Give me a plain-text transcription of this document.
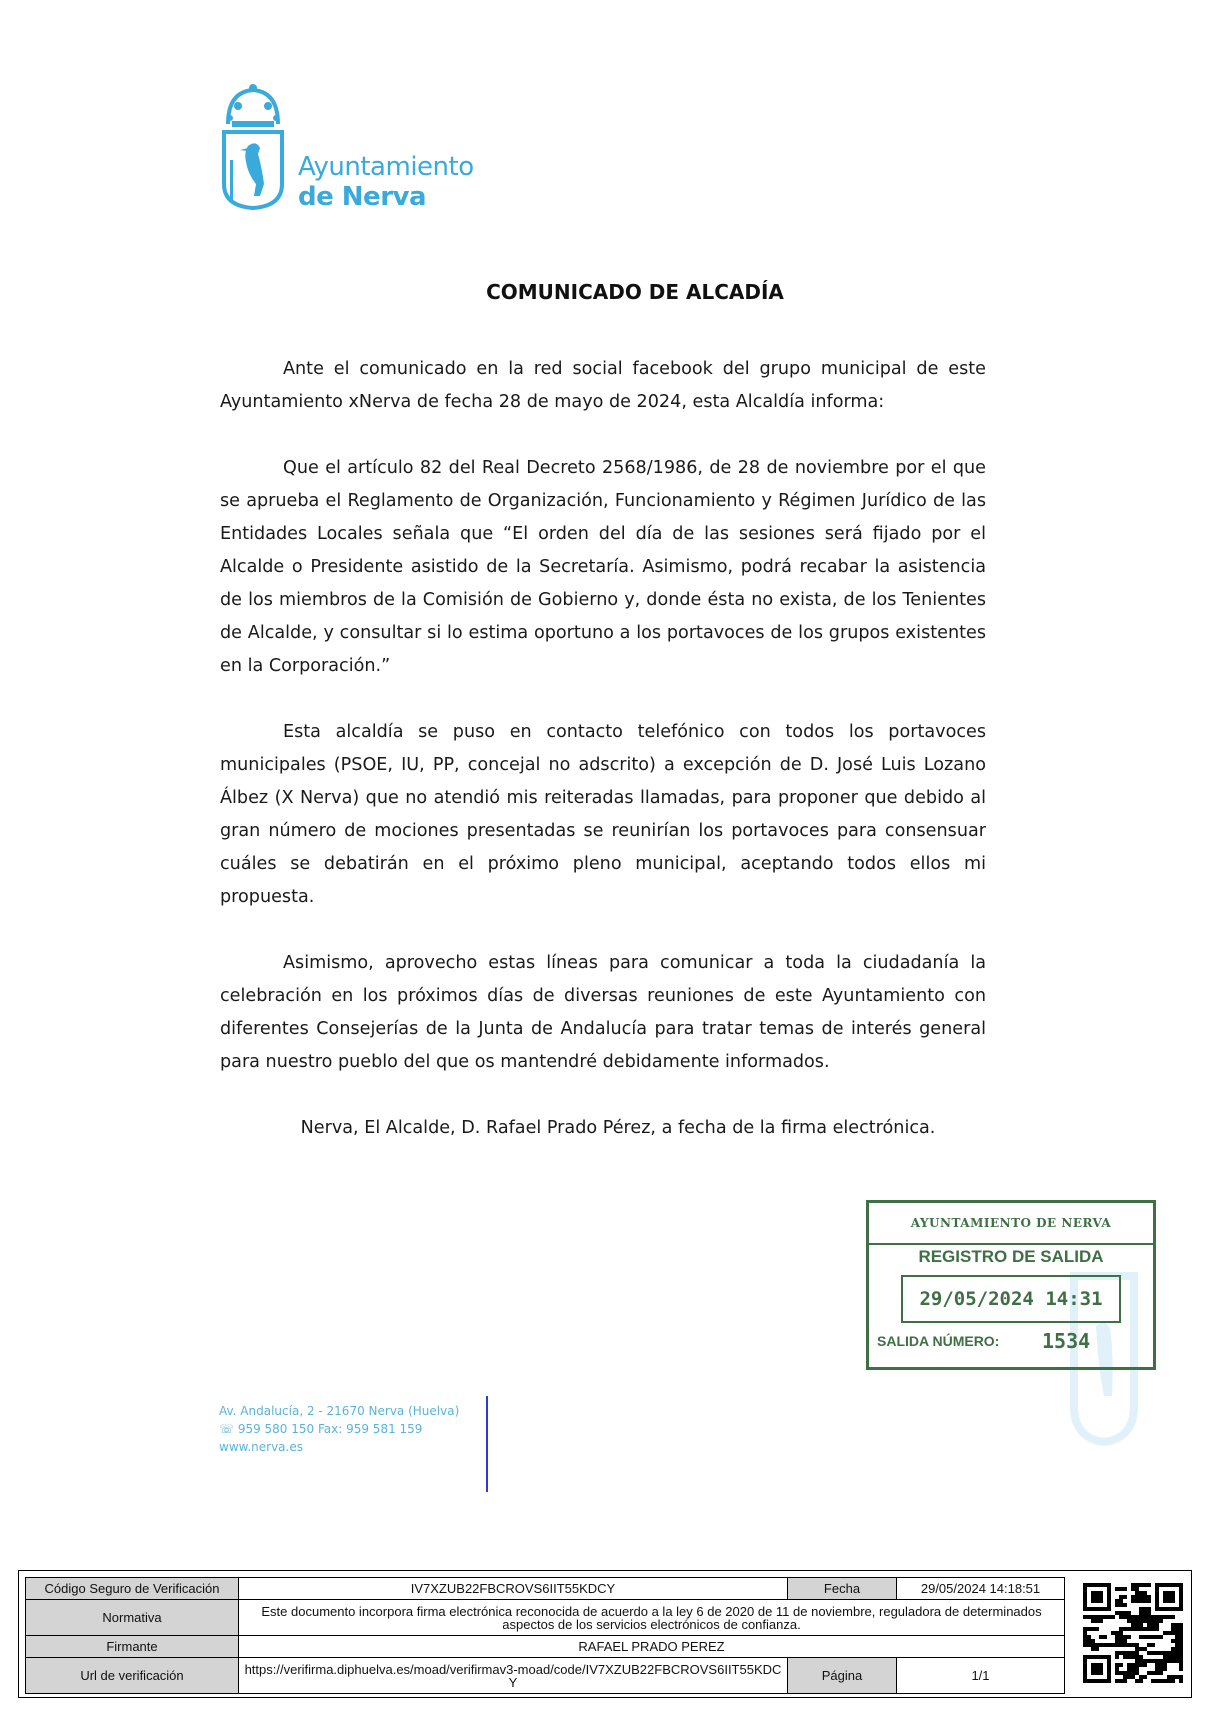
Ayuntamiento
de Nerva
COMUNICADO DE ALCADÍA

Ante el comunicado en la red social facebook del grupo municipal de este Ayuntamiento xNerva de fecha 28 de mayo de 2024, esta Alcaldía informa:

Que el artículo 82 del Real Decreto 2568/1986, de 28 de noviembre por el que se aprueba el Reglamento de Organización, Funcionamiento y Régimen Jurídico de las Entidades Locales señala que “El orden del día de las sesiones será fijado por el Alcalde o Presidente asistido de la Secretaría. Asimismo, podrá recabar la asistencia de los miembros de la Comisión de Gobierno y, donde ésta no exista, de los Tenientes de Alcalde, y consultar si lo estima oportuno a los portavoces de los grupos existentes en la Corporación.”

Esta alcaldía se puso en contacto telefónico con todos los portavoces municipales (PSOE, IU, PP, concejal no adscrito) a excepción de D. José Luis Lozano Álbez (X Nerva) que no atendió mis reiteradas llamadas, para proponer que debido al gran número de mociones presentadas se reunirían los portavoces para consensuar cuáles se debatirán en el próximo pleno municipal, aceptando todos ellos mi propuesta.

Asimismo, aprovecho estas líneas para comunicar a toda la ciudadanía la celebración en los próximos días de diversas reuniones de este Ayuntamiento con diferentes Consejerías de la Junta de Andalucía para tratar temas de interés general para nuestro pueblo del que os mantendré debidamente informados.

Nerva, El Alcalde, D. Rafael Prado Pérez, a fecha de la firma electrónica.

AYUNTAMIENTO DE NERVA
REGISTRO DE SALIDA
29/05/2024 14:31
SALIDA NÚMERO: 1534
Av. Andalucía, 2 - 21670 Nerva (Huelva)
☏ 959 580 150 Fax: 959 581 159
www.nerva.es
Código Seguro de Verificación	IV7XZUB22FBCROVS6IIT55KDCY	Fecha	29/05/2024 14:18:51
Normativa	Este documento incorpora firma electrónica reconocida de acuerdo a la ley 6 de 2020 de 11 de noviembre, reguladora de determinados aspectos de los servicios electrónicos de confianza.		
Firmante	RAFAEL PRADO PEREZ		
Url de verificación	https://verifirma.diphuelva.es/moad/verifirmav3-moad/code/IV7XZUB22FBCROVS6IIT55KDCY	Página	1/1
